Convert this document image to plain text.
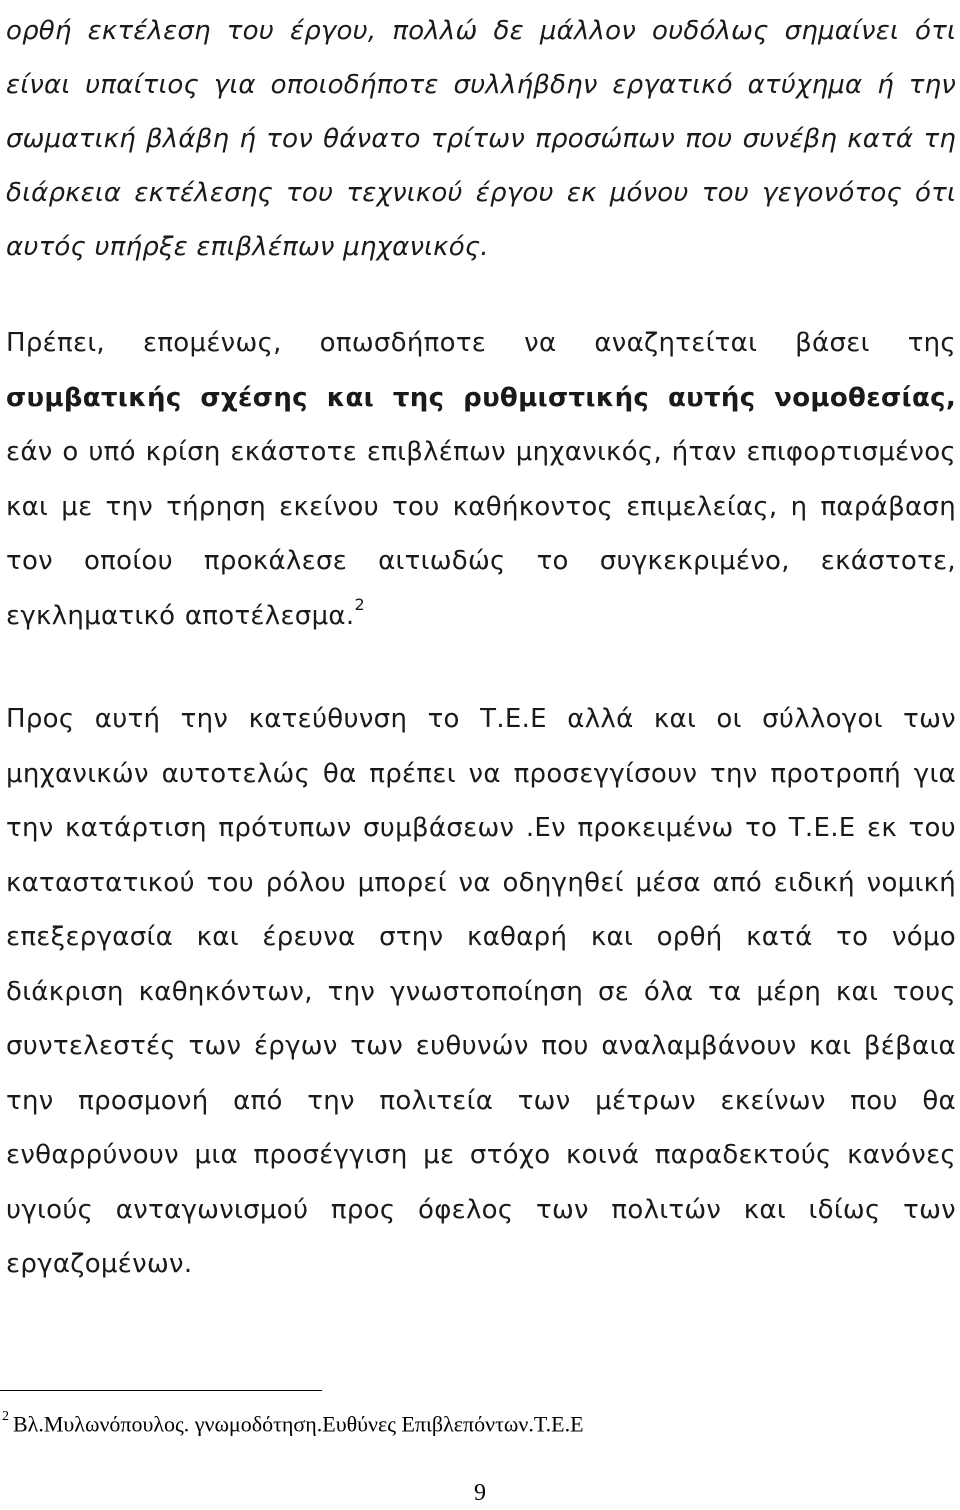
ορθή εκτέλεση του έργου, πολλώ δε μάλλον ουδόλως σημαίνει ότι είναι υπαίτιος για οποιοδήποτε συλλήβδην εργατικό ατύχημα ή την σωματική βλάβη ή τον θάνατο τρίτων προσώπων που συνέβη κατά τη διάρκεια εκτέλεσης του τεχνικού έργου εκ μόνου του γεγονότος ότι αυτός υπήρξε επιβλέπων μηχανικός.

Πρέπει, επομένως, οπωσδήποτε να αναζητείται βάσει της συμβατικής σχέσης και της ρυθμιστικής αυτής νομοθεσίας, εάν ο υπό κρίση εκάστοτε επιβλέπων μηχανικός, ήταν επιφορτισμένος και με την τήρηση εκείνου του καθήκοντος επιμελείας, η παράβαση τον οποίου προκάλεσε αιτιωδώς το συγκεκριμένο, εκάστοτε, εγκληματικό αποτέλεσμα.$^2$

Προς αυτή την κατεύθυνση το Τ.Ε.Ε αλλά και οι σύλλογοι των μηχανικών αυτοτελώς θα πρέπει να προσεγγίσουν την προτροπή για την κατάρτιση πρότυπων συμβάσεων .Εν προκειμένω το Τ.Ε.Ε εκ του καταστατικού του ρόλου μπορεί να οδηγηθεί μέσα από ειδική νομική επεξεργασία και έρευνα στην καθαρή και ορθή κατά το νόμο διάκριση καθηκόντων, την γνωστοποίηση σε όλα τα μέρη και τους συντελεστές των έργων των ευθυνών που αναλαμβάνουν και βέβαια την προσμονή από την πολιτεία των μέτρων εκείνων που θα ενθαρρύνουν μια προσέγγιση με στόχο κοινά παραδεκτούς κανόνες υγιούς ανταγωνισμού προς όφελος των πολιτών και ιδίως των εργαζομένων.

$^2$ Βλ.Μυλωνόπουλος. γνωμοδότηση.Ευθύνες Επιβλεπόντων.Τ.Ε.Ε
9
